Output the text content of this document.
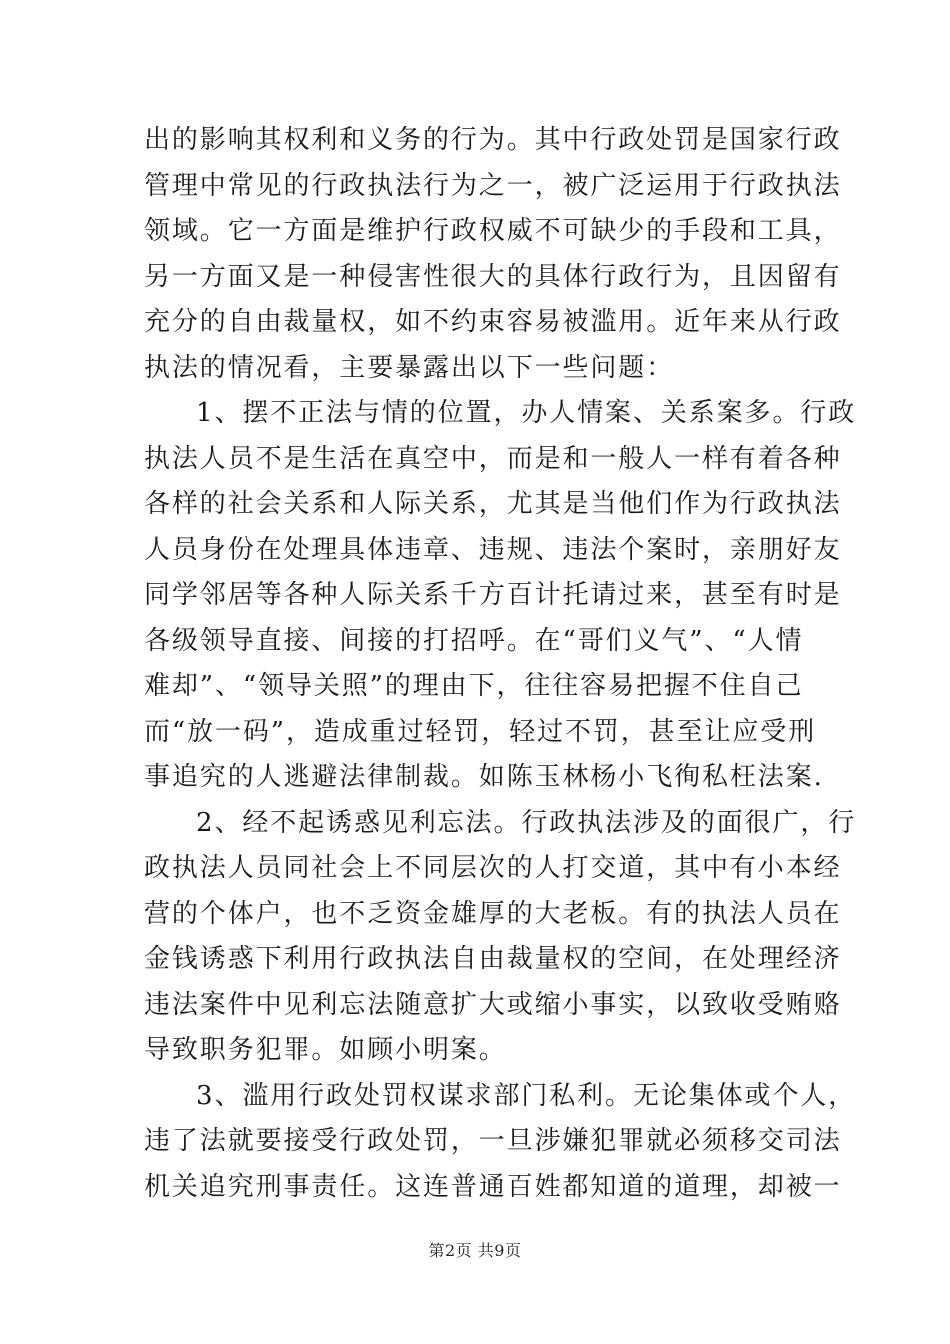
出的影响其权利和义务的行为。其中行政处罚是国家行政
管理中常见的行政执法行为之一，被广泛运用于行政执法
领域。它一方面是维护行政权威不可缺少的手段和工具，
另一方面又是一种侵害性很大的具体行政行为，且因留有
充分的自由裁量权，如不约束容易被滥用。近年来从行政
执法的情况看，主要暴露出以下一些问题：
1、摆不正法与情的位置，办人情案、关系案多。行政
执法人员不是生活在真空中，而是和一般人一样有着各种
各样的社会关系和人际关系，尤其是当他们作为行政执法
人员身份在处理具体违章、违规、违法个案时，亲朋好友
同学邻居等各种人际关系千方百计托请过来，甚至有时是
各级领导直接、间接的打招呼。在“哥们义气”、“人情
难却”、“领导关照”的理由下，往往容易把握不住自己
而“放一码”，造成重过轻罚，轻过不罚，甚至让应受刑
事追究的人逃避法律制裁。如陈玉林杨小飞徇私枉法案.
2、经不起诱惑见利忘法。行政执法涉及的面很广，行
政执法人员同社会上不同层次的人打交道，其中有小本经
营的个体户，也不乏资金雄厚的大老板。有的执法人员在
金钱诱惑下利用行政执法自由裁量权的空间，在处理经济
违法案件中见利忘法随意扩大或缩小事实，以致收受贿赂
导致职务犯罪。如顾小明案。
3、滥用行政处罚权谋求部门私利。无论集体或个人，
违了法就要接受行政处罚，一旦涉嫌犯罪就必须移交司法
机关追究刑事责任。这连普通百姓都知道的道理，却被一
第2页 共9页
